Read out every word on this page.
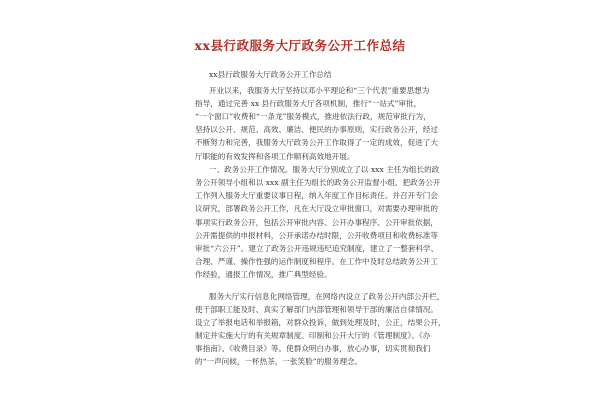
xx县行政服务大厅政务公开工作总结
xx县行政服务大厅政务公开工作总结
开业以来，我服务大厅坚持以邓小平理论和“三个代表”重要思想为
指导，通过完善 xx 县行政服务大厅各项机制，推行“一站式”审批，
“一个窗口”收费和“一条龙”服务模式，推进依法行政，规范审批行为，
坚持以公开、规范、高效、廉洁、便民的办事原则，实行政务公开，经过
不断努力和完善，我服务大厅政务公开工作取得了一定的成效，促进了大
厅职能的有效发挥和各项工作顺利高效地开展。
一、政务公开工作情况。服务大厅分别成立了以 xxx 主任为组长的政
务公开领导小组和以 xxx 副主任为组长的政务公开监督小组，把政务公开
工作列入服务大厅重要议事日程，纳入年度工作目标责任。并召开专门会
议研究，部署政务公开工作，凡在大厅设立审批窗口，对需要办理审批的
事项实行政务公开，包括公开审批内容、公开办事程序、公开审批依据，
公开需提供的申报材料，公开承诺办结时限，公开收费项目和收费标准等
审批“六公开”。建立了政务公开违规违纪追究制度，建立了一整套科学、
合理、严谨、操作性强的运作制度和程序。在工作中及时总结政务公开工
作经验，通报工作情况，推广典型经验。
服务大厅实行信息化网络管理，在网络内设立了政务公开内部公开栏，
使干部职工能及时、真实了解部门内部管理和领导干部的廉洁自律情况。
设立了举报电话和举报箱，对群众投诉，做到处理及时，公正，结果公开，
制定并实施大厅的有关规章制度。印制和公开大厅的《管理制度》、《办
事指南》、《收费目录》等。使群众明白办事，放心办事，切实贯彻我们
的“一声问候，一杯热茶，一张笑脸”的服务理念。
